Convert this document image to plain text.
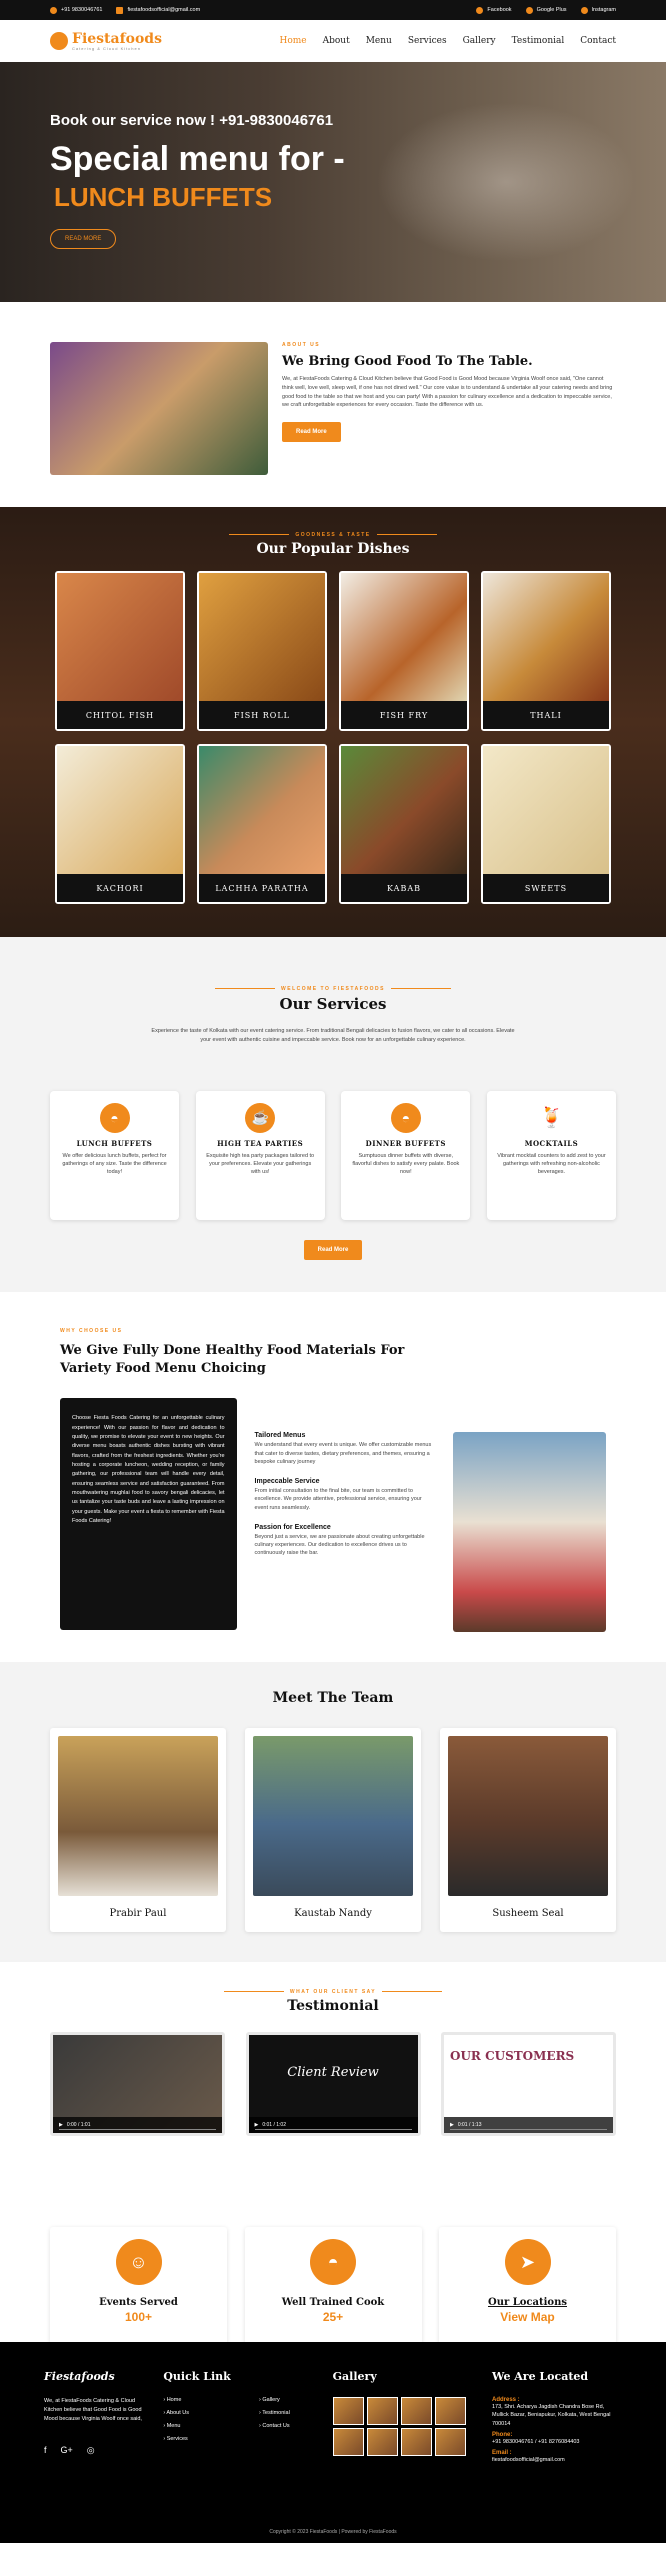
+91 9830046761	fiestafoodsofficial@gmail.com	Facebook	Google Plus	Instagram
Fiestafoods
Catering & Cloud Kitchen
Home About Menu Services Gallery Testimonial Contact
Book our service now ! +91-9830046761
Special menu for -
LUNCH BUFFETS
READ MORE
ABOUT US
We Bring Good Food To The Table.

We, at FiestaFoods Catering & Cloud Kitchen believe that Good Food is Good Mood because Virginia Woolf once said, "One cannot think well, love well, sleep well, if one has not dined well." Our core value is to understand & undertake all your catering needs and bring good food to the table so that we host and you can party! With a passion for culinary excellence and a dedication to impeccable service, we craft unforgettable experiences for every occasion. Taste the difference with us.

Read More
GOODNESS & TASTE
Our Popular Dishes
CHITOL FISH	FISH ROLL	FISH FRY	THALI
KACHORI	LACHHA PARATHA	KABAB	SWEETS
WELCOME TO FIESTAFOODS
Our Services

Experience the taste of Kolkata with our event catering service. From traditional Bengali delicacies to fusion flavors, we cater to all occasions. Elevate your event with authentic cuisine and impeccable service. Book now for an unforgettable culinary experience.

◓
LUNCH BUFFETS

We offer delicious lunch buffets, perfect for gatherings of any size. Taste the difference today!

☕
HIGH TEA PARTIES

Exquisite high tea party packages tailored to your preferences. Elevate your gatherings with us!

◓
DINNER BUFFETS

Sumptuous dinner buffets with diverse, flavorful dishes to satisfy every palate. Book now!

🍹
MOCKTAILS

Vibrant mocktail counters to add zest to your gatherings with refreshing non-alcoholic beverages.

Read More
WHY CHOOSE US
We Give Fully Done Healthy Food Materials For Variety Food Menu Choicing
Choose Fiesta Foods Catering for an unforgettable culinary experience! With our passion for flavor and dedication to quality, we promise to elevate your event to new heights. Our diverse menu boasts authentic dishes bursting with vibrant flavors, crafted from the freshest ingredients. Whether you're hosting a corporate luncheon, wedding reception, or family gathering, our professional team will handle every detail, ensuring seamless service and satisfaction guaranteed. From mouthwatering mughlai food to savory bengali delicacies, let us tantalize your taste buds and leave a lasting impression on your guests. Make your event a fiesta to remember with Fiesta Foods Catering!
Tailored Menus

We understand that every event is unique. We offer customizable menus that cater to diverse tastes, dietary preferences, and themes, ensuring a bespoke culinary journey

Impeccable Service

From initial consultation to the final bite, our team is committed to excellence. We provide attentive, professional service, ensuring your event runs seamlessly.

Passion for Excellence

Beyond just a service, we are passionate about creating unforgettable culinary experiences. Our dedication to excellence drives us to continuously raise the bar.

Meet The Team
Prabir Paul	Kaustab Nandy	Susheem Seal
WHAT OUR CLIENT SAY
Testimonial
▶ 0:00 / 1:01
Client Review
▶ 0:01 / 1:02
OUR CUSTOMERS
▶ 0:01 / 1:13
☺
Events Served
100+
◓
Well Trained Cook
25+
➤
Our Locations
View Map
Fiestafoods

We, at FiestaFoods Catering & Cloud Kitchen believe that Good Food is Good Mood because Virginia Woolf once said,

f G+ ◎
Quick Link
› Home
› About Us
› Menu
› Services
› Gallery
› Testimonial
› Contact Us
Gallery	We Are Located
Address :
173, Shri. Acharya Jagdish Chandra Bose Rd, Mullick Bazar, Beniapukur, Kolkata, West Bengal 700014
Phone:
+91 9830046761 / +91 8276084403
Email :
fiestafoodsofficial@gmail.com
Copyright © 2023 FiestaFoods | Powered by FiestaFoods
